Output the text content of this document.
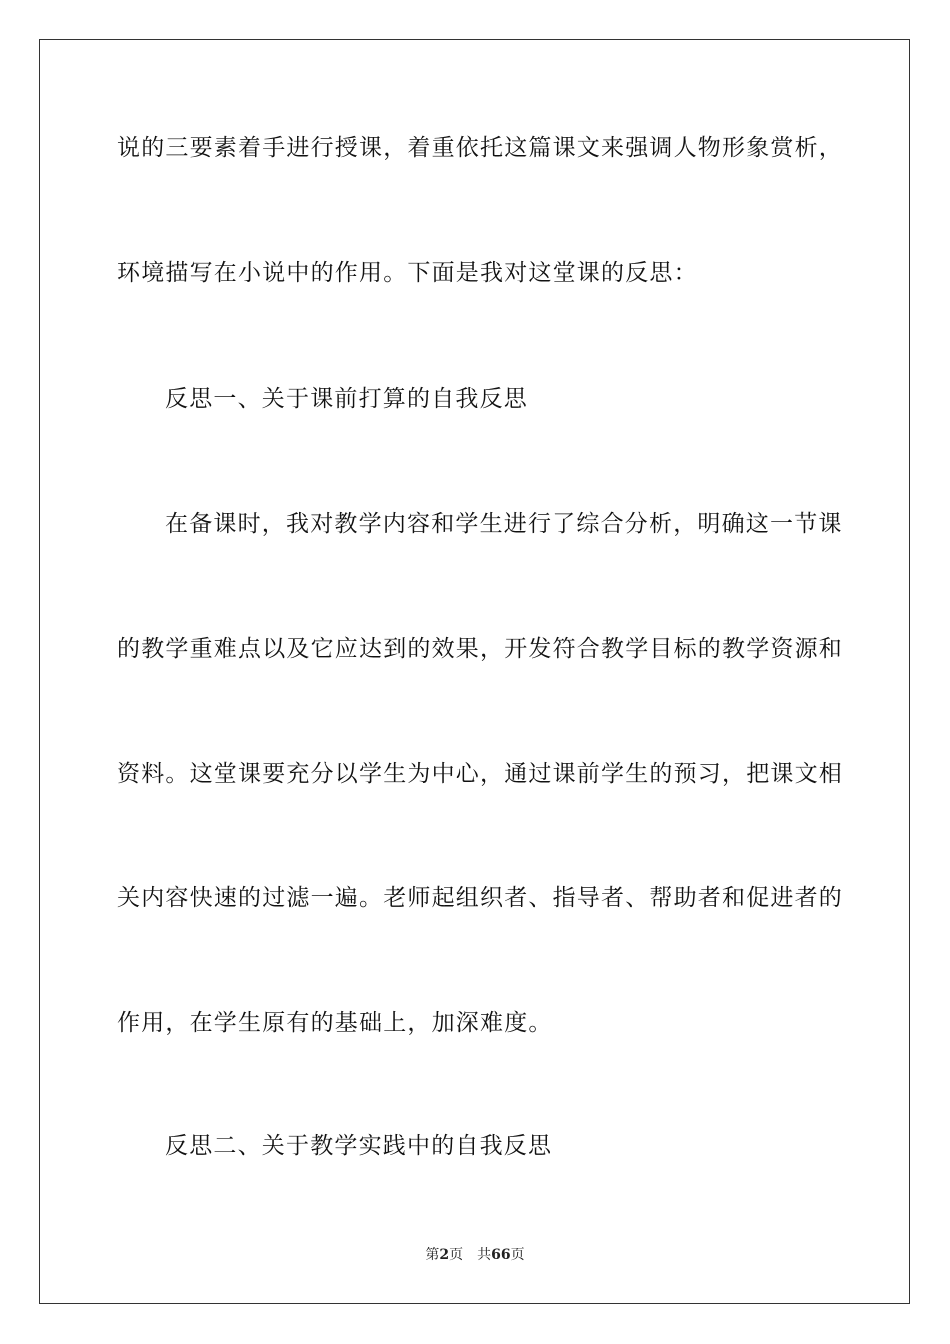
说的三要素着手进行授课，着重依托这篇课文来强调人物形象赏析，
环境描写在小说中的作用。下面是我对这堂课的反思：
反思一、关于课前打算的自我反思
在备课时，我对教学内容和学生进行了综合分析，明确这一节课
的教学重难点以及它应达到的效果，开发符合教学目标的教学资源和
资料。这堂课要充分以学生为中心，通过课前学生的预习，把课文相
关内容快速的过滤一遍。老师起组织者、指导者、帮助者和促进者的
作用，在学生原有的基础上，加深难度。
反思二、关于教学实践中的自我反思
第2页 共66页
